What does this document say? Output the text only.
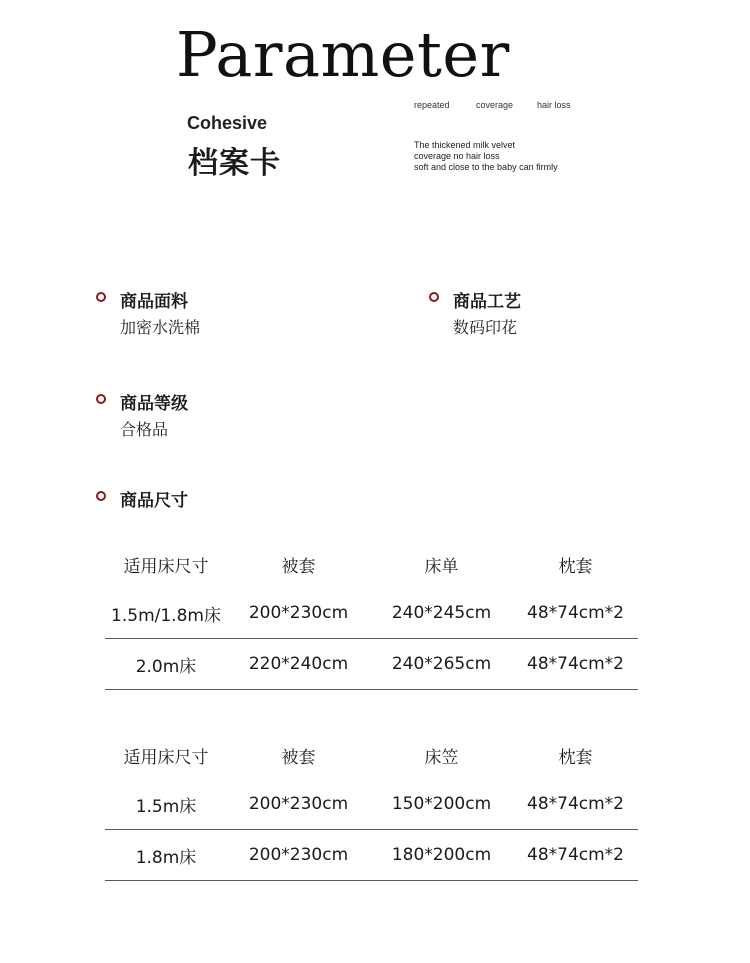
Parameter
Cohesive
档案卡
repeated	coverage	hair loss
The thickened milk velvet
coverage no hair loss
soft and close to the baby can firmly
商品面料
加密水洗棉
商品工艺
数码印花
商品等级
合格品
商品尺寸
适用床尺寸	被套	床单	枕套
1.5m/1.8m床	200*230cm	240*245cm	48*74cm*2
2.0m床	220*240cm	240*265cm	48*74cm*2
适用床尺寸	被套	床笠	枕套
1.5m床	200*230cm	150*200cm	48*74cm*2
1.8m床	200*230cm	180*200cm	48*74cm*2
